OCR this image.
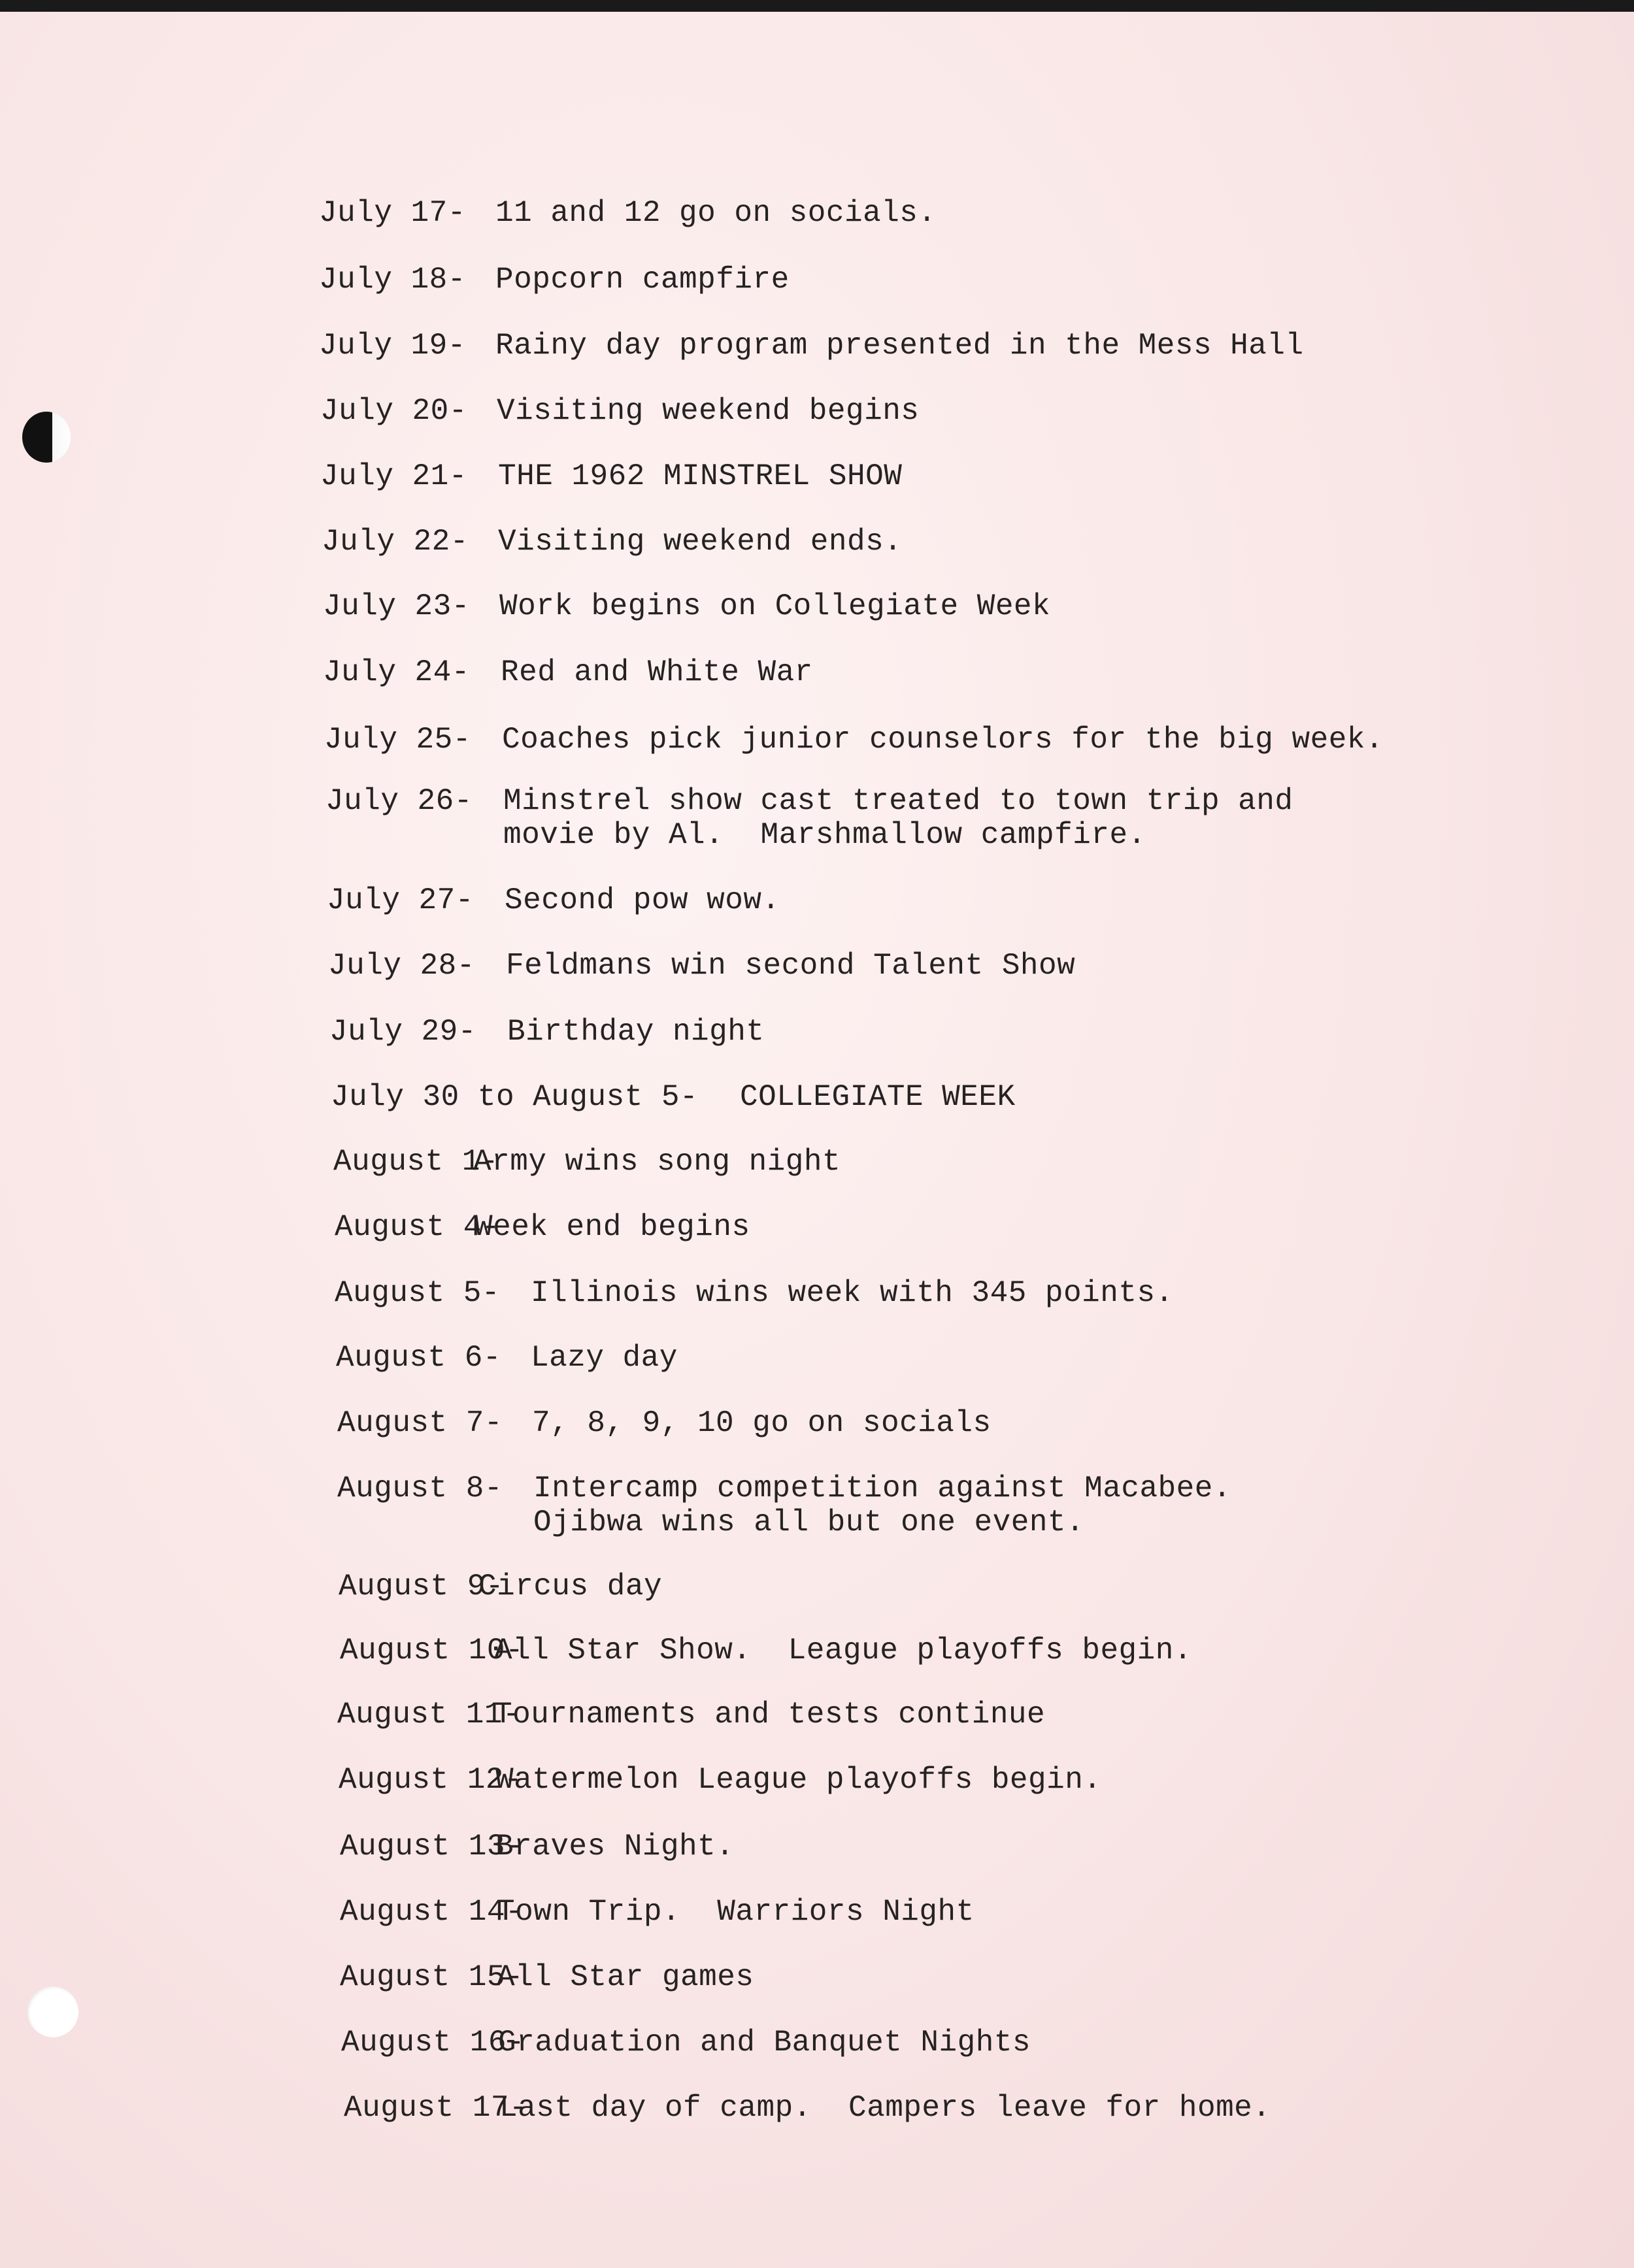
July 17- 11 and 12 go on socials.
July 18- Popcorn campfire
July 19- Rainy day program presented in the Mess Hall
July 20- Visiting weekend begins
July 21- THE 1962 MINSTREL SHOW
July 22- Visiting weekend ends.
July 23- Work begins on Collegiate Week
July 24- Red and White War
July 25- Coaches pick junior counselors for the big week.
July 26- Minstrel show cast treated to town trip and
movie by Al.  Marshmallow campfire.
July 27- Second pow wow.
July 28- Feldmans win second Talent Show
July 29- Birthday night
July 30 to August 5- COLLEGIATE WEEK
August 1-
Army wins song night
August 4-
Week end begins
August 5- Illinois wins week with 345 points.
August 6- Lazy day
August 7- 7, 8, 9, 10 go on socials
August 8- Intercamp competition against Macabee.
Ojibwa wins all but one event.
August 9-
Circus day
August 10-
All Star Show.  League playoffs begin.
August 11-
Tournaments and tests continue
August 12-
Watermelon League playoffs begin.
August 13-
Braves Night.
August 14-
Town Trip.  Warriors Night
August 15-
All Star games
August 16-
Graduation and Banquet Nights
August 17-
Last day of camp.  Campers leave for home.
